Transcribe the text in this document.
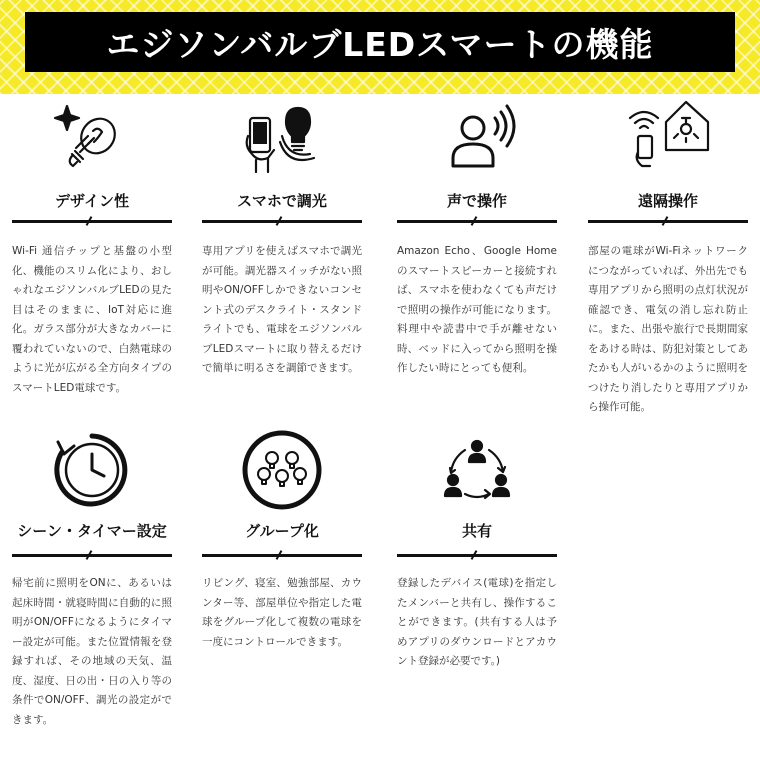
エジソンバルブLEDスマートの機能
デザイン性
Wi-Fi 通信チップと基盤の小型化、機能のスリム化により、おしゃれなエジソンバルブLEDの見た目はそのままに、IoT対応に進化。ガラス部分が大きなカバーに覆われていないので、白熱電球のように光が広がる全方向タイプのスマートLED電球です。
スマホで調光
専用アプリを使えばスマホで調光が可能。調光器スイッチがない照明やON/OFFしかできないコンセント式のデスクライト・スタンドライトでも、電球をエジソンバルブLEDスマートに取り替えるだけで簡単に明るさを調節できます。
声で操作
Amazon Echo、Google Homeのスマートスピーカーと接続すれば、スマホを使わなくても声だけで照明の操作が可能になります。料理中や読書中で手が離せない時、ベッドに入ってから照明を操作したい時にとっても便利。
遠隔操作
部屋の電球がWi-Fiネットワークにつながっていれば、外出先でも専用アプリから照明の点灯状況が確認でき、電気の消し忘れ防止に。また、出張や旅行で長期間家をあける時は、防犯対策としてあたかも人がいるかのように照明をつけたり消したりと専用アプリから操作可能。
シーン・タイマー設定
帰宅前に照明をONに、あるいは起床時間・就寝時間に自動的に照明がON/OFFになるようにタイマー設定が可能。また位置情報を登録すれば、その地域の天気、温度、湿度、日の出・日の入り等の条件でON/OFF、調光の設定ができます。
グループ化
リビング、寝室、勉強部屋、カウンター等、部屋単位や指定した電球をグループ化して複数の電球を一度にコントロールできます。
共有
登録したデバイス(電球)を指定したメンバーと共有し、操作することができます。(共有する人は予めアプリのダウンロードとアカウント登録が必要です。)
